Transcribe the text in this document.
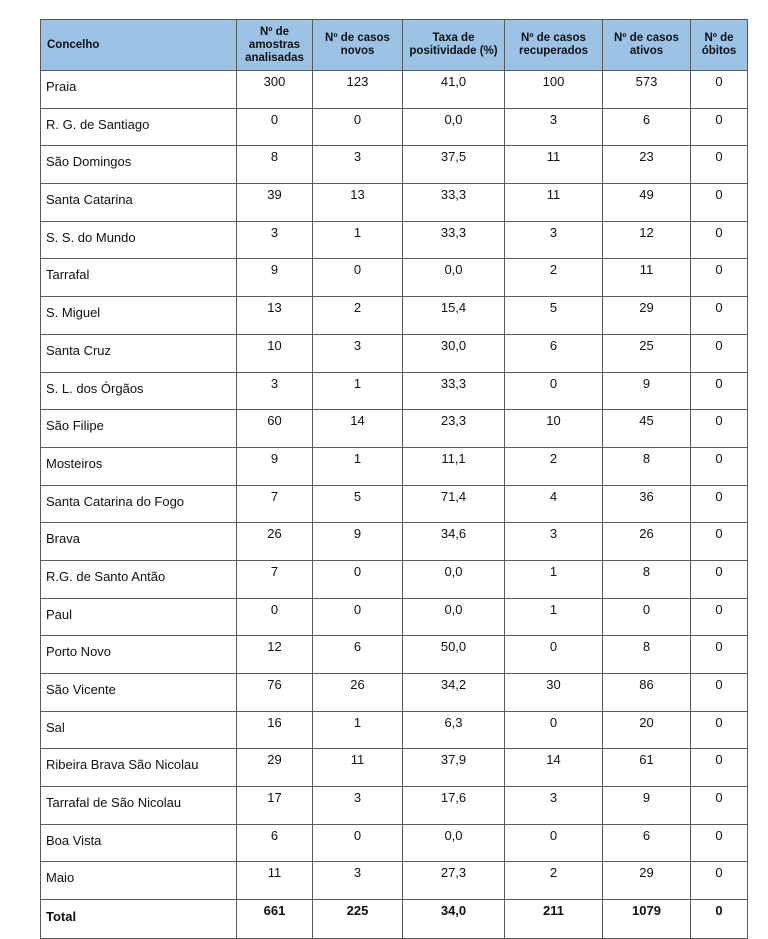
Concelho	Nº de amostras analisadas	Nº de casos novos	Taxa de positividade (%)	Nº de casos recuperados	Nº de casos ativos	Nº de óbitos
Praia	300	123	41,0	100	573	0
R. G. de Santiago	0	0	0,0	3	6	0
São Domingos	8	3	37,5	11	23	0
Santa Catarina	39	13	33,3	11	49	0
S. S. do Mundo	3	1	33,3	3	12	0
Tarrafal	9	0	0,0	2	11	0
S. Miguel	13	2	15,4	5	29	0
Santa Cruz	10	3	30,0	6	25	0
S. L. dos Órgãos	3	1	33,3	0	9	0
São Filipe	60	14	23,3	10	45	0
Mosteiros	9	1	11,1	2	8	0
Santa Catarina do Fogo	7	5	71,4	4	36	0
Brava	26	9	34,6	3	26	0
R.G. de Santo Antão	7	0	0,0	1	8	0
Paul	0	0	0,0	1	0	0
Porto Novo	12	6	50,0	0	8	0
São Vicente	76	26	34,2	30	86	0
Sal	16	1	6,3	0	20	0
Ribeira Brava São Nicolau	29	11	37,9	14	61	0
Tarrafal de São Nicolau	17	3	17,6	3	9	0
Boa Vista	6	0	0,0	0	6	0
Maio	11	3	27,3	2	29	0
Total	661	225	34,0	211	1079	0
